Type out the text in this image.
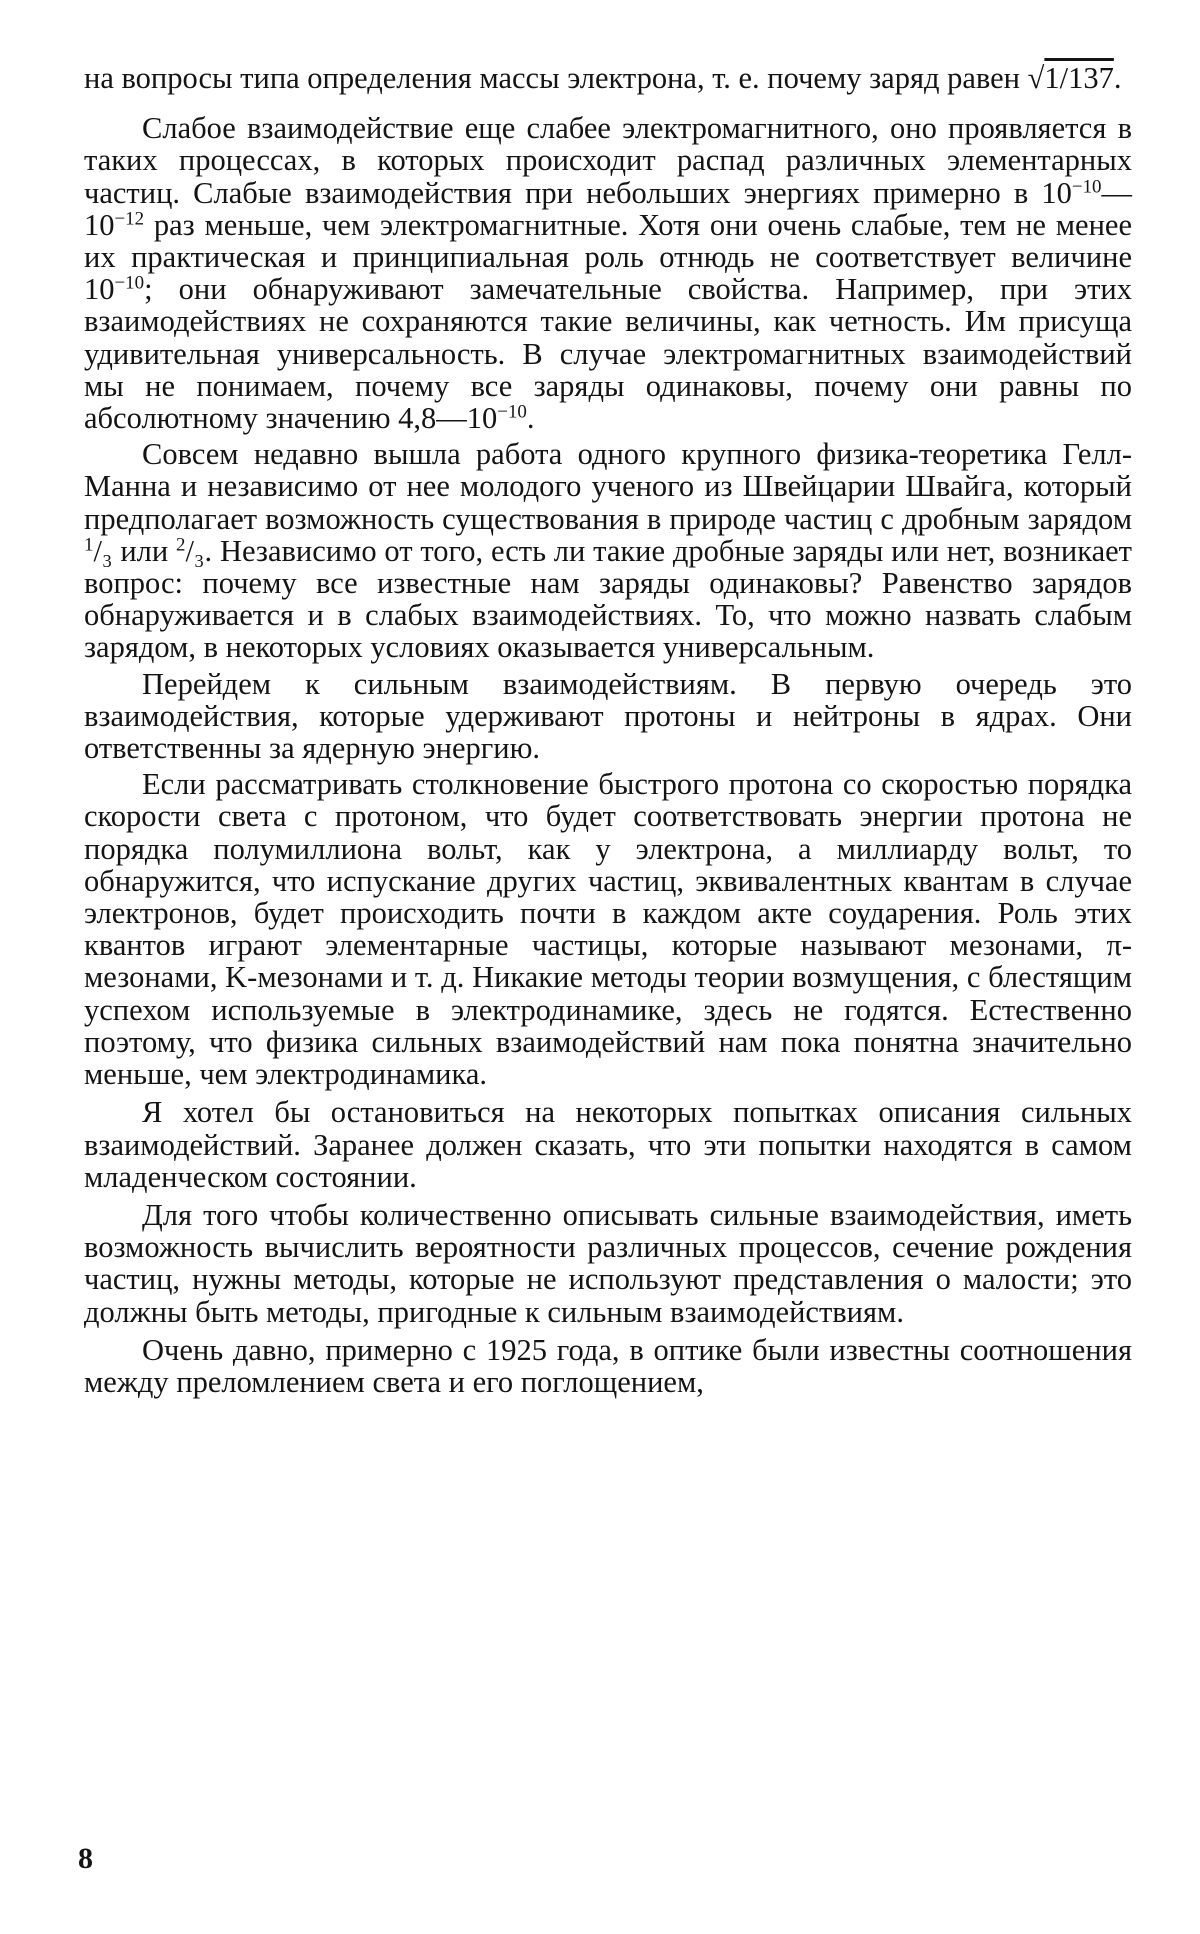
на вопросы типа определения массы электрона, т. е. почему заряд равен √1/137.

Слабое взаимодействие еще слабее электромагнитного, оно проявляется в таких процессах, в которых происходит распад различных элементарных частиц. Слабые взаимодействия при небольших энергиях примерно в $10^{-10}—10^{-12}$ раз меньше, чем электромагнитные. Хотя они очень слабые, тем не менее их практическая и принципиальная роль отнюдь не соответствует величине $10^{-10}$; они обнаруживают замечательные свойства. Например, при этих взаимодействиях не сохраняются такие величины, как четность. Им присуща удивительная универсальность. В случае электромагнитных взаимодействий мы не понимаем, почему все заряды одинаковы, почему они равны по абсолютному значению $4,8—10^{-10}$.

Совсем недавно вышла работа одного крупного физика-теоретика Гелл-Манна и независимо от нее молодого ученого из Швейцарии Швайга, который предполагает возможность существования в природе частиц с дробным зарядом $^1$/₃ или $^2$/₃. Независимо от того, есть ли такие дробные заряды или нет, возникает вопрос: почему все известные нам заряды одинаковы? Равенство зарядов обнаруживается и в слабых взаимодействиях. То, что можно назвать слабым зарядом, в некоторых условиях оказывается универсальным.

Перейдем к сильным взаимодействиям. В первую очередь это взаимодействия, которые удерживают протоны и нейтроны в ядрах. Они ответственны за ядерную энергию.

Если рассматривать столкновение быстрого протона со скоростью порядка скорости света с протоном, что будет соответствовать энергии протона не порядка полумиллиона вольт, как у электрона, а миллиарду вольт, то обнаружится, что испускание других частиц, эквивалентных квантам в случае электронов, будет происходить почти в каждом акте соударения. Роль этих квантов играют элементарные частицы, которые называют мезонами, π-мезонами, K-мезонами и т. д. Никакие методы теории возмущения, с блестящим успехом используемые в электродинамике, здесь не годятся. Естественно поэтому, что физика сильных взаимодействий нам пока понятна значительно меньше, чем электродинамика.

Я хотел бы остановиться на некоторых попытках описания сильных взаимодействий. Заранее должен сказать, что эти попытки находятся в самом младенческом состоянии.

Для того чтобы количественно описывать сильные взаимодействия, иметь возможность вычислить вероятности различных процессов, сечение рождения частиц, нужны методы, которые не используют представления о малости; это должны быть методы, пригодные к сильным взаимодействиям.

Очень давно, примерно с 1925 года, в оптике были известны соотношения между преломлением света и его поглощением,

8
